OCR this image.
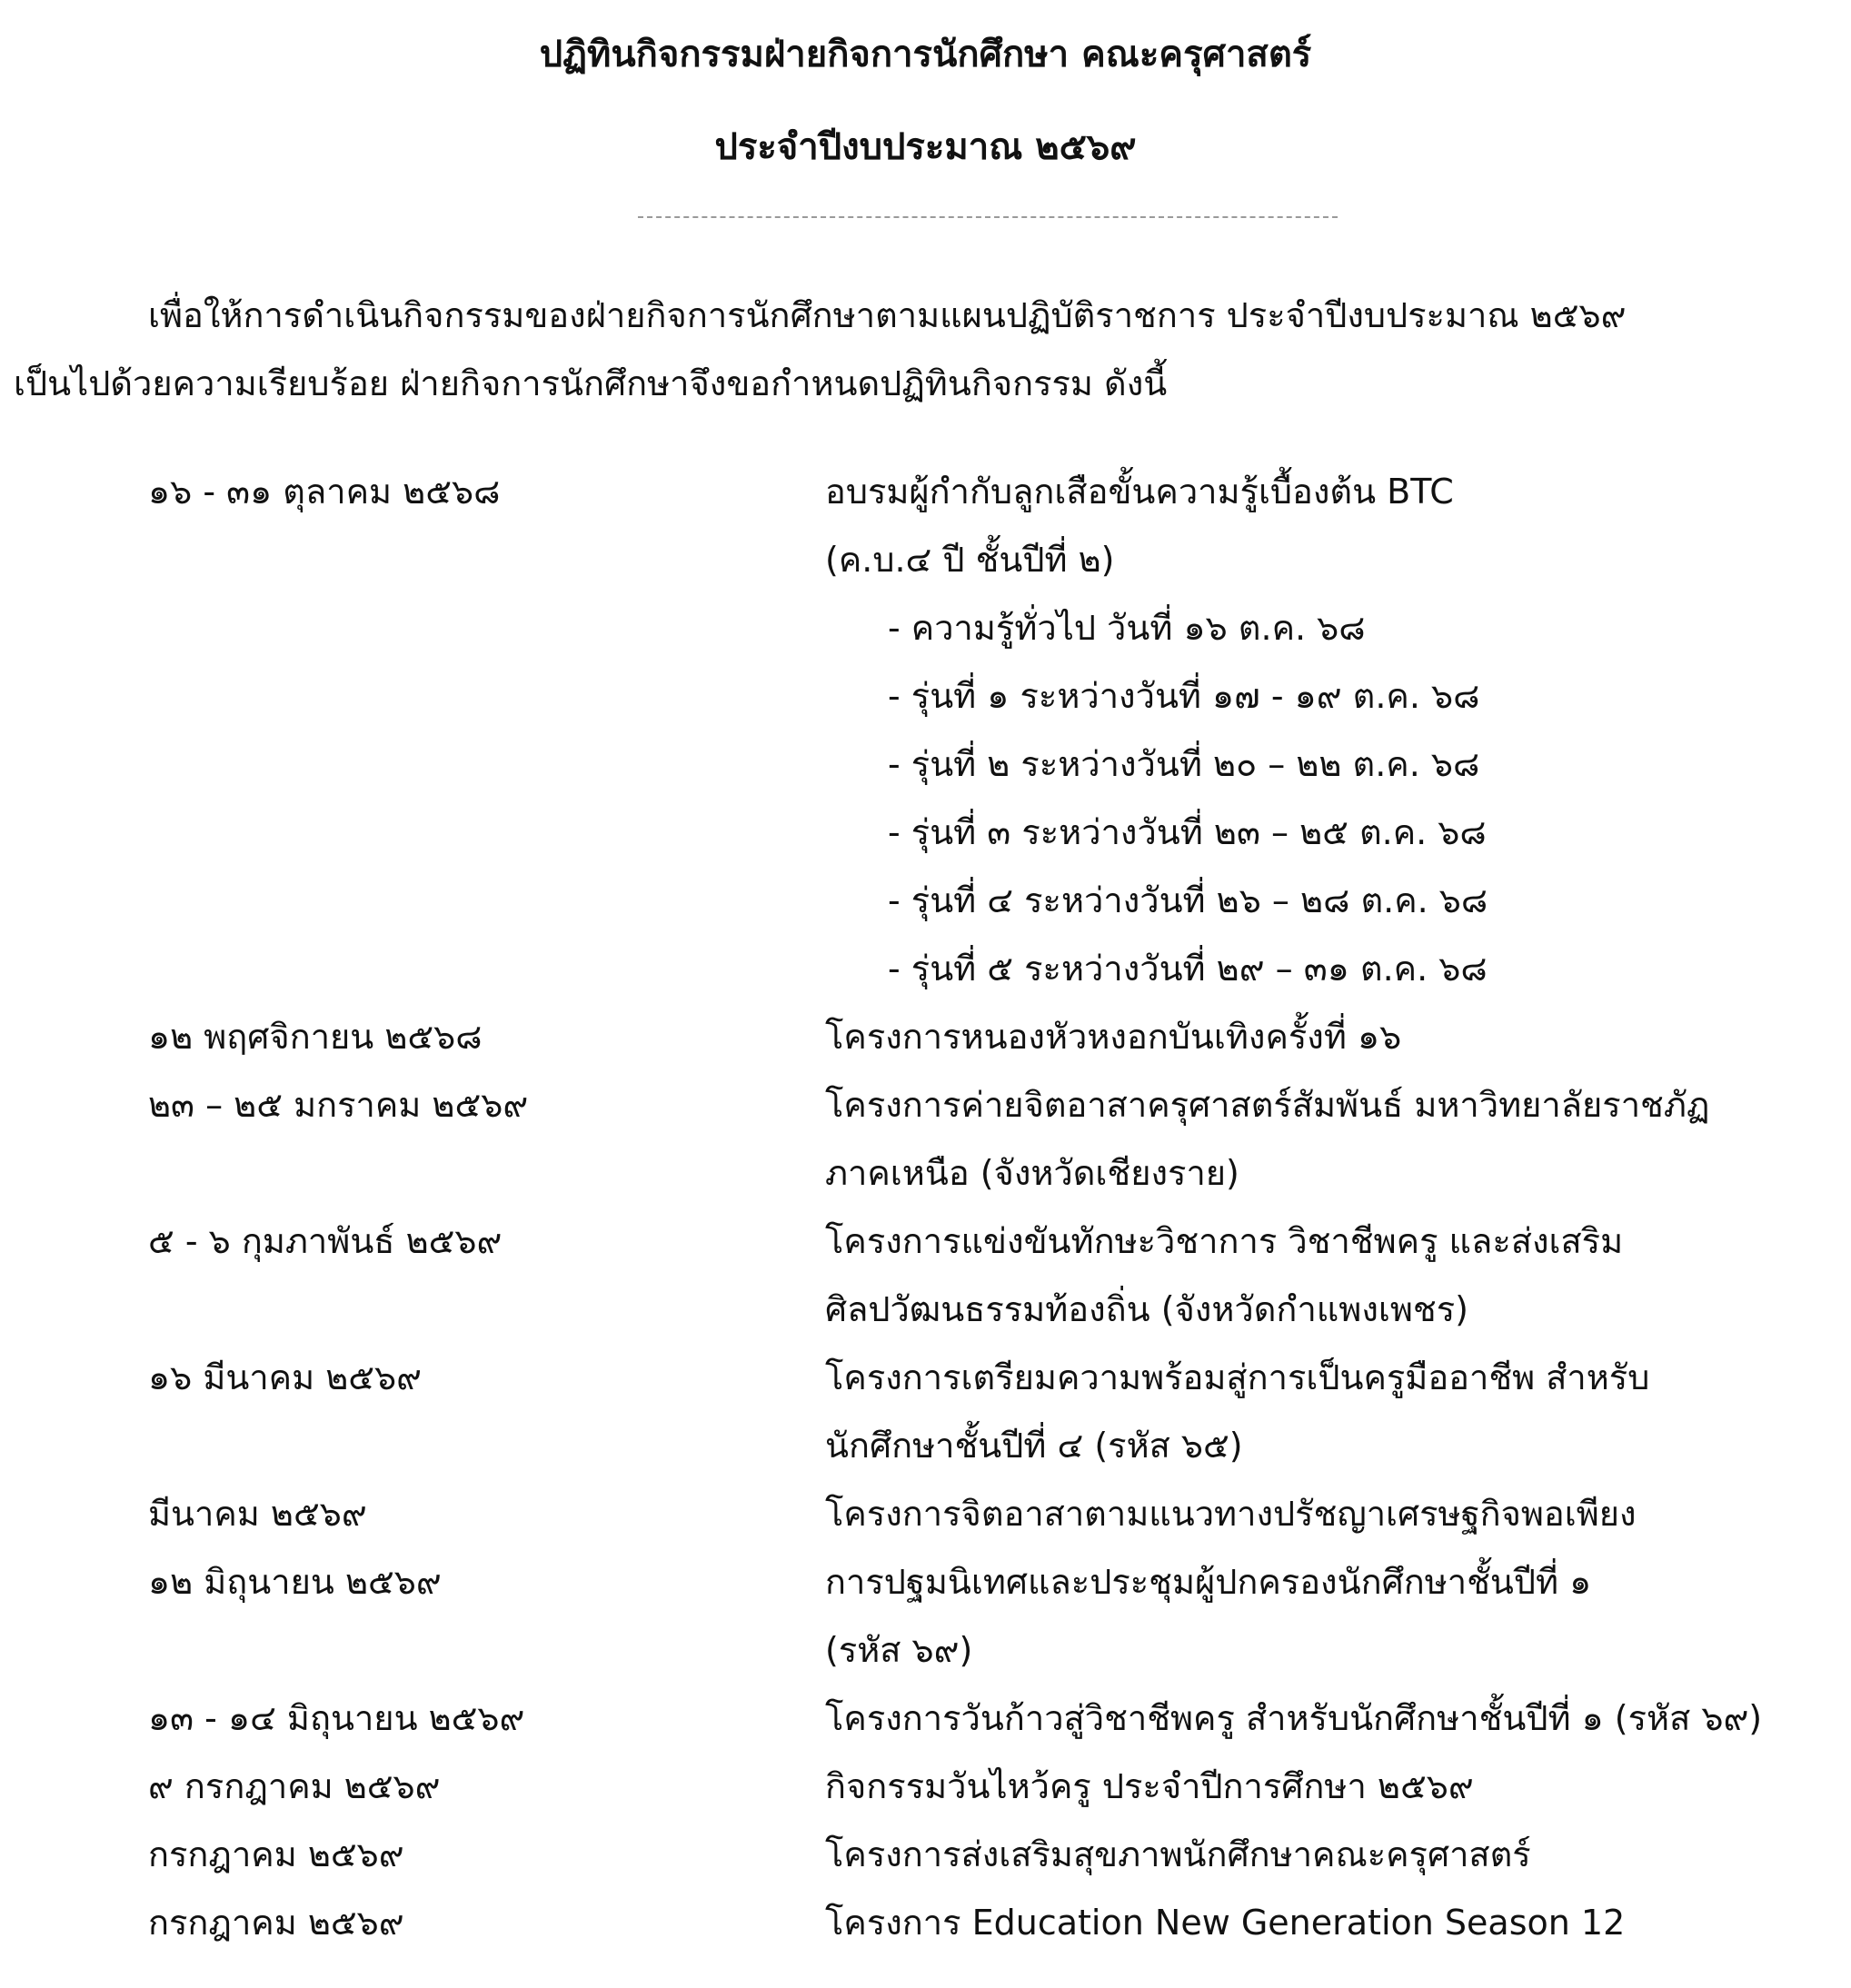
ปฏิทินกิจกรรมฝ่ายกิจการนักศึกษา คณะครุศาสตร์
ประจำปีงบประมาณ ๒๕๖๙
เพื่อให้การดำเนินกิจกรรมของฝ่ายกิจการนักศึกษาตามแผนปฏิบัติราชการ ประจำปีงบประมาณ ๒๕๖๙
เป็นไปด้วยความเรียบร้อย ฝ่ายกิจการนักศึกษาจึงขอกำหนดปฏิทินกิจกรรม ดังนี้
๑๖ - ๓๑ ตุลาคม ๒๕๖๘	อบรมผู้กำกับลูกเสือขั้นความรู้เบื้องต้น BTC
(ค.บ.๔ ปี ชั้นปีที่ ๒)
- ความรู้ทั่วไป วันที่ ๑๖ ต.ค. ๖๘
- รุ่นที่ ๑ ระหว่างวันที่ ๑๗ - ๑๙ ต.ค. ๖๘
- รุ่นที่ ๒ ระหว่างวันที่ ๒๐ – ๒๒ ต.ค. ๖๘
- รุ่นที่ ๓ ระหว่างวันที่ ๒๓ – ๒๕ ต.ค. ๖๘
- รุ่นที่ ๔ ระหว่างวันที่ ๒๖ – ๒๘ ต.ค. ๖๘
- รุ่นที่ ๕ ระหว่างวันที่ ๒๙ – ๓๑ ต.ค. ๖๘
๑๒ พฤศจิกายน ๒๕๖๘	โครงการหนองหัวหงอกบันเทิงครั้งที่ ๑๖
๒๓ – ๒๕ มกราคม ๒๕๖๙	โครงการค่ายจิตอาสาครุศาสตร์สัมพันธ์ มหาวิทยาลัยราชภัฏ
ภาคเหนือ (จังหวัดเชียงราย)
๕ - ๖ กุมภาพันธ์ ๒๕๖๙	โครงการแข่งขันทักษะวิชาการ วิชาชีพครู และส่งเสริม
ศิลปวัฒนธรรมท้องถิ่น (จังหวัดกำแพงเพชร)
๑๖ มีนาคม ๒๕๖๙	โครงการเตรียมความพร้อมสู่การเป็นครูมืออาชีพ สำหรับ
นักศึกษาชั้นปีที่ ๔ (รหัส ๖๕)
มีนาคม ๒๕๖๙	โครงการจิตอาสาตามแนวทางปรัชญาเศรษฐกิจพอเพียง
๑๒ มิถุนายน ๒๕๖๙	การปฐมนิเทศและประชุมผู้ปกครองนักศึกษาชั้นปีที่ ๑
(รหัส ๖๙)
๑๓ - ๑๔ มิถุนายน ๒๕๖๙	โครงการวันก้าวสู่วิชาชีพครู สำหรับนักศึกษาชั้นปีที่ ๑ (รหัส ๖๙)
๙ กรกฎาคม ๒๕๖๙	กิจกรรมวันไหว้ครู ประจำปีการศึกษา ๒๕๖๙
กรกฎาคม ๒๕๖๙	โครงการส่งเสริมสุขภาพนักศึกษาคณะครุศาสตร์
กรกฎาคม ๒๕๖๙	โครงการ Education New Generation Season 12
